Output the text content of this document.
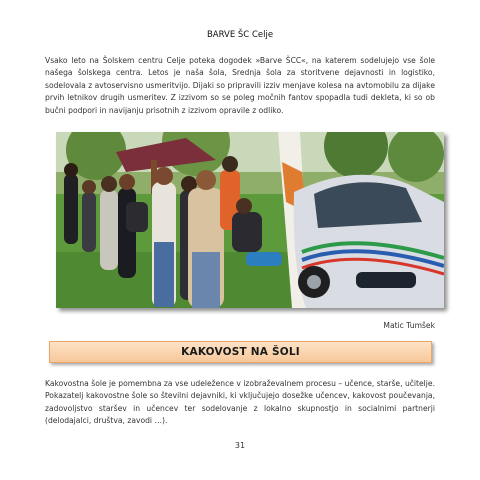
BARVE ŠC Celje

Vsako leto na Šolskem centru Celje poteka dogodek »Barve ŠCC«, na katerem sodelujejo vse šole našega šolskega centra. Letos je naša šola, Srednja šola za storitvene dejavnosti in logistiko, sodelovala z avtoservisno usmeritvijo. Dijaki so pripravili izziv menjave kolesa na avtomobilu za dijake prvih letnikov drugih usmeritev. Z izzivom so se poleg močnih fantov spopadla tudi dekleta, ki so ob bučni podpori in navijanju prisotnih z izzivom opravile z odliko.

Matic Tumšek
KAKOVOST NA ŠOLI

Kakovostna šole je pomembna za vse udeležence v izobraževalnem procesu – učence, starše, učitelje. Pokazatelj kakovostne šole so številni dejavniki, ki vključujejo dosežke učencev, kakovost poučevanja, zadovoljstvo staršev in učencev ter sodelovanje z lokalno skupnostjo in socialnimi partnerji (delodajalci, društva, zavodi …).

31
